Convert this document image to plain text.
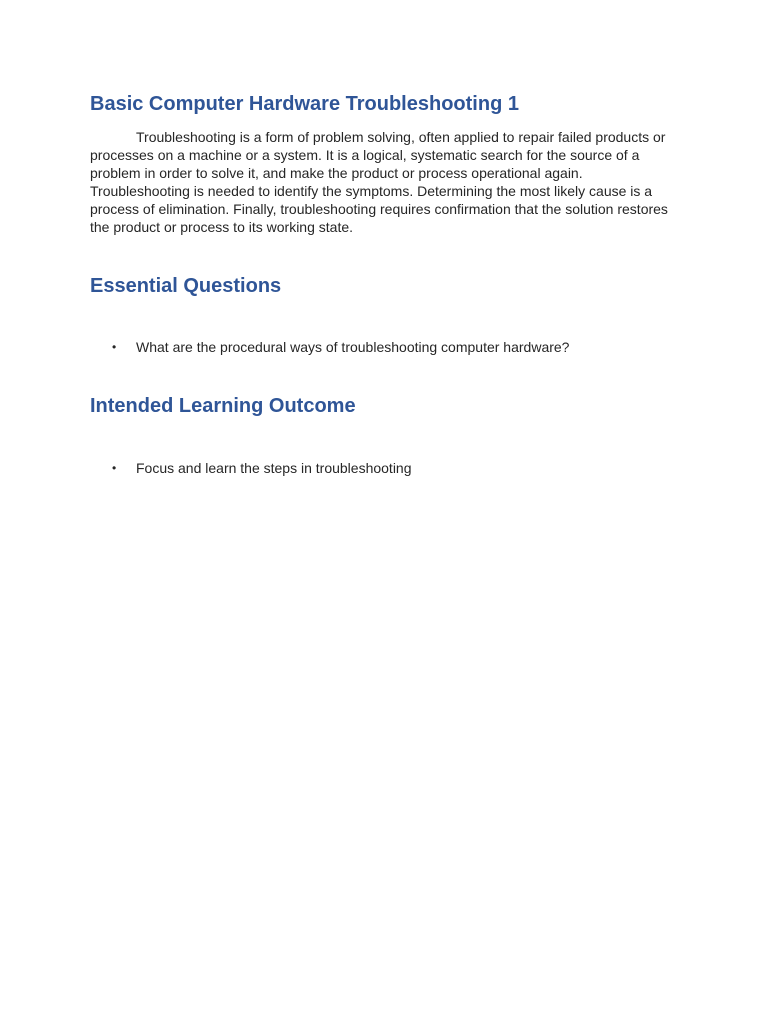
Basic Computer Hardware Troubleshooting 1

Troubleshooting is a form of problem solving, often applied to repair failed products or processes on a machine or a system. It is a logical, systematic search for the source of a problem in order to solve it, and make the product or process operational again. Troubleshooting is needed to identify the symptoms. Determining the most likely cause is a process of elimination. Finally, troubleshooting requires confirmation that the solution restores the product or process to its working state.

Essential Questions
• What are the procedural ways of troubleshooting computer hardware?
Intended Learning Outcome
• Focus and learn the steps in troubleshooting
